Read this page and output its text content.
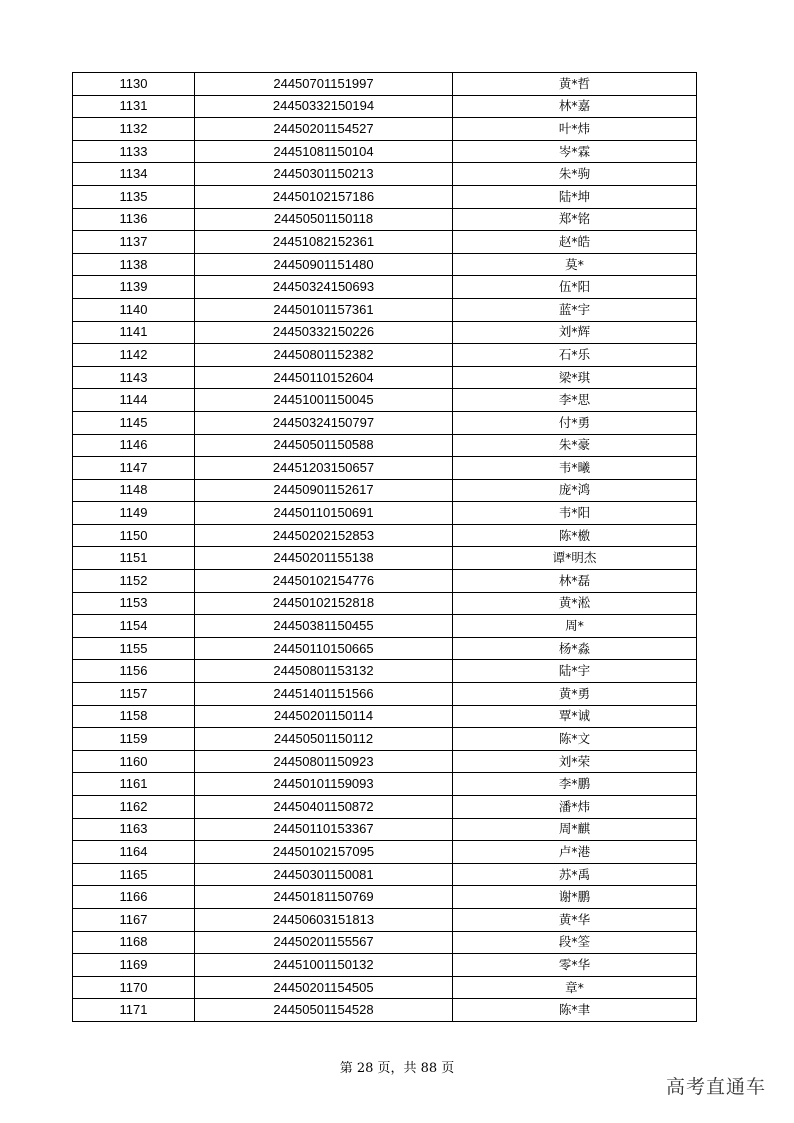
1130	24450701151997	黄*哲
1131	24450332150194	林*嘉
1132	24450201154527	叶*炜
1133	24451081150104	岑*霖
1134	24450301150213	朱*驹
1135	24450102157186	陆*坤
1136	24450501150118	郑*铭
1137	24451082152361	赵*皓
1138	24450901151480	莫*
1139	24450324150693	伍*阳
1140	24450101157361	蓝*宇
1141	24450332150226	刘*辉
1142	24450801152382	石*乐
1143	24450110152604	梁*琪
1144	24451001150045	李*思
1145	24450324150797	付*勇
1146	24450501150588	朱*豪
1147	24451203150657	韦*曦
1148	24450901152617	庞*鸿
1149	24450110150691	韦*阳
1150	24450202152853	陈*檄
1151	24450201155138	谭*明杰
1152	24450102154776	林*磊
1153	24450102152818	黄*淞
1154	24450381150455	周*
1155	24450110150665	杨*淼
1156	24450801153132	陆*宇
1157	24451401151566	黄*勇
1158	24450201150114	覃*诚
1159	24450501150112	陈*文
1160	24450801150923	刘*荣
1161	24450101159093	李*鹏
1162	24450401150872	潘*炜
1163	24450110153367	周*麒
1164	24450102157095	卢*港
1165	24450301150081	苏*禹
1166	24450181150769	谢*鹏
1167	24450603151813	黄*华
1168	24450201155567	段*筌
1169	24451001150132	零*华
1170	24450201154505	章*
1171	24450501154528	陈*聿
第 28 页，共 88 页
高考直通车
